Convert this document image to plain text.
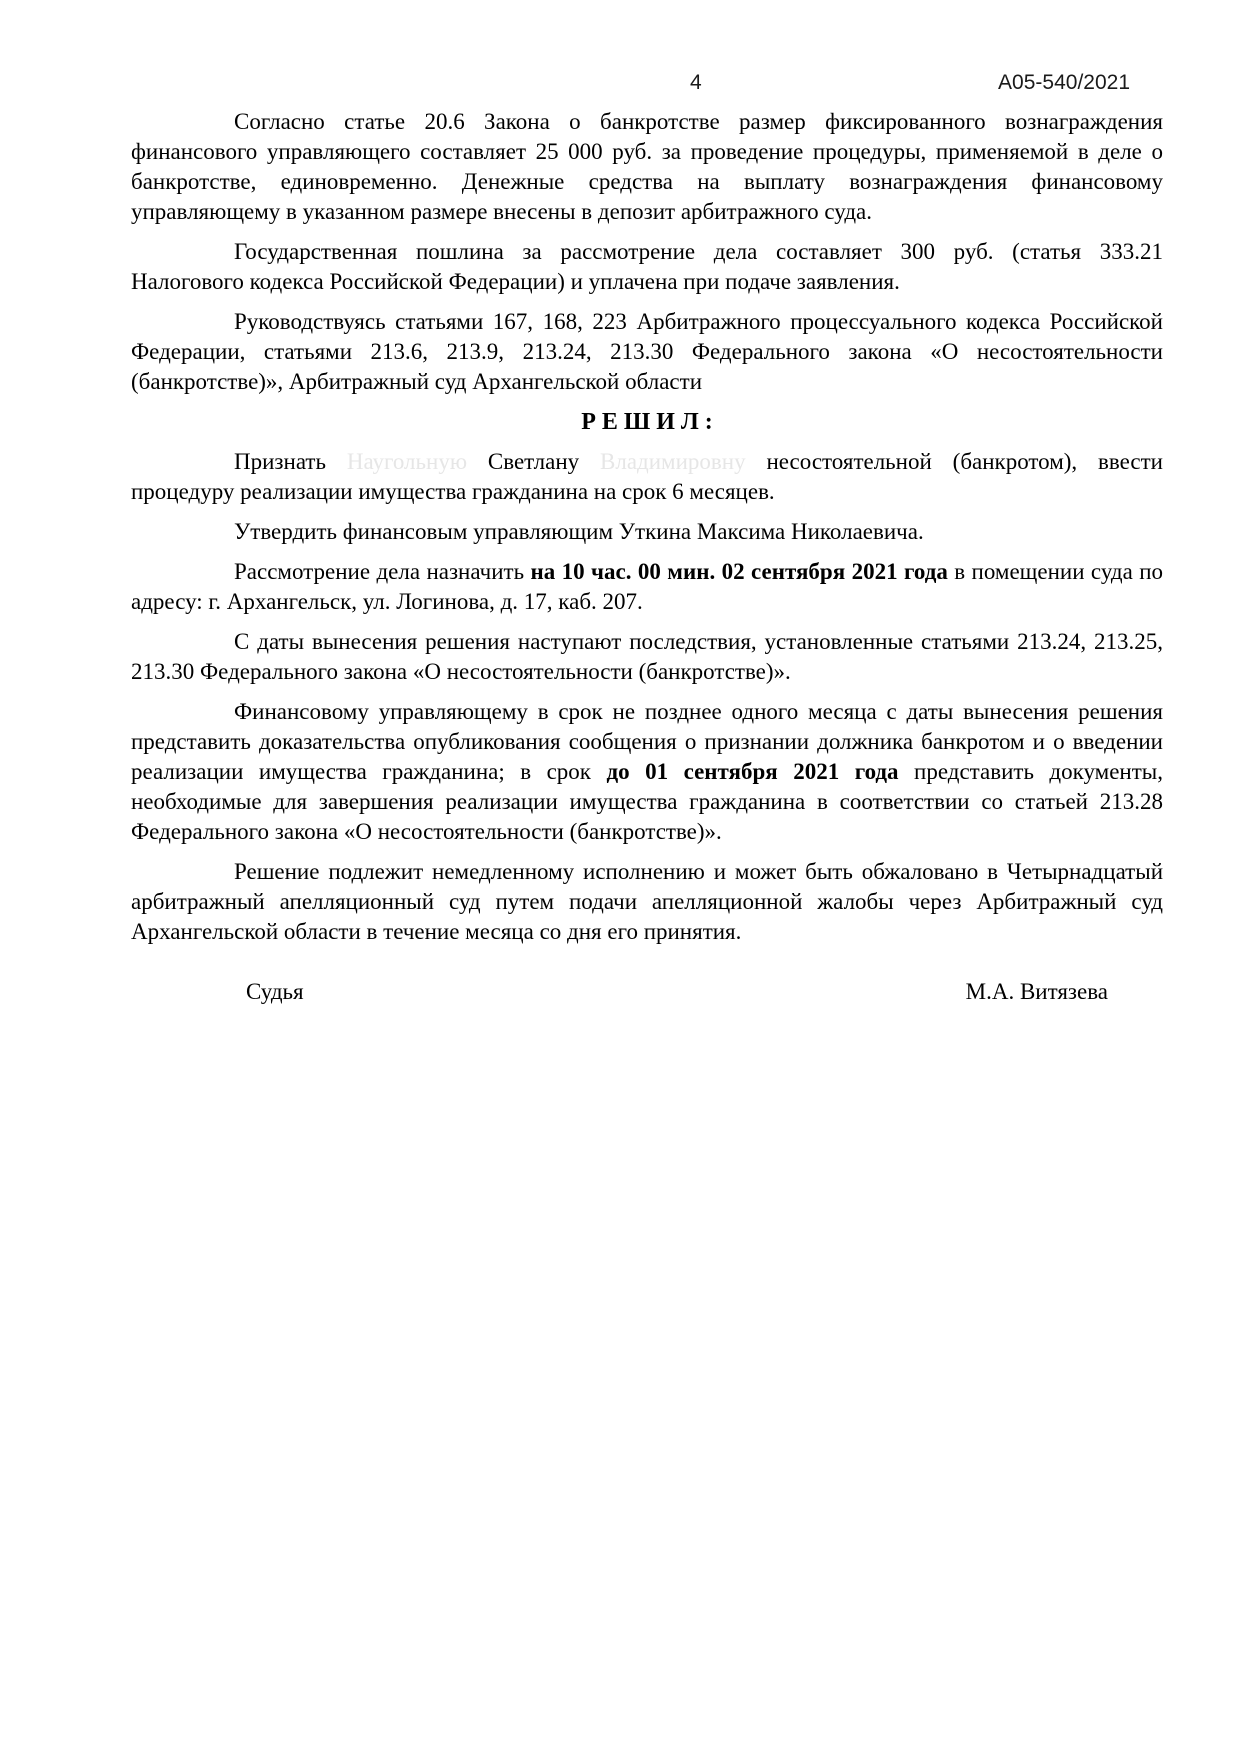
4	А05-540/2021

Согласно статье 20.6 Закона о банкротстве размер фиксированного вознаграждения финансового управляющего составляет 25 000 руб. за проведение процедуры, применяемой в деле о банкротстве, единовременно. Денежные средства на выплату вознаграждения финансовому управляющему в указанном размере внесены в депозит арбитражного суда.

Государственная пошлина за рассмотрение дела составляет 300 руб. (статья 333.21 Налогового кодекса Российской Федерации) и уплачена при подаче заявления.

Руководствуясь статьями 167, 168, 223 Арбитражного процессуального кодекса Российской Федерации, статьями 213.6, 213.9, 213.24, 213.30 Федерального закона «О несостоятельности (банкротстве)», Арбитражный суд Архангельской области

Р Е Ш И Л :

Признать Наугольную Светлану Владимировну несостоятельной (банкротом), ввести процедуру реализации имущества гражданина на срок 6 месяцев.

Утвердить финансовым управляющим Уткина Максима Николаевича.

Рассмотрение дела назначить на 10 час. 00 мин. 02 сентября 2021 года в помещении суда по адресу: г. Архангельск, ул. Логинова, д. 17, каб. 207.

С даты вынесения решения наступают последствия, установленные статьями 213.24, 213.25, 213.30 Федерального закона «О несостоятельности (банкротстве)».

Финансовому управляющему в срок не позднее одного месяца с даты вынесения решения представить доказательства опубликования сообщения о признании должника банкротом и о введении реализации имущества гражданина; в срок до 01 сентября 2021 года представить документы, необходимые для завершения реализации имущества гражданина в соответствии со статьей 213.28 Федерального закона «О несостоятельности (банкротстве)».

Решение подлежит немедленному исполнению и может быть обжаловано в Четырнадцатый арбитражный апелляционный суд путем подачи апелляционной жалобы через Арбитражный суд Архангельской области в течение месяца со дня его принятия.

Судья	М.А. Витязева
